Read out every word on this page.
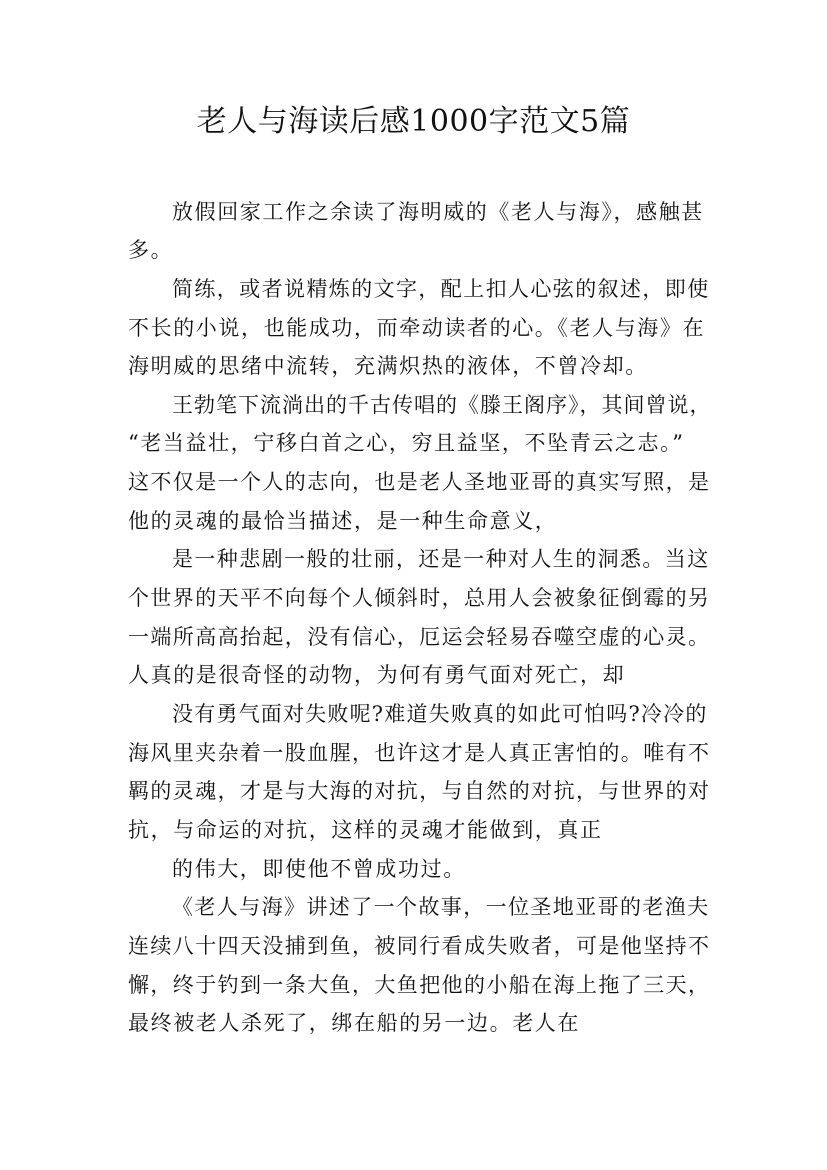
老人与海读后感1000字范文5篇
放假回家工作之余读了海明威的《老人与海》，感触甚
多。
简练，或者说精炼的文字，配上扣人心弦的叙述，即使
不长的小说，也能成功，而牵动读者的心。《老人与海》在
海明威的思绪中流转，充满炽热的液体，不曾冷却。
王勃笔下流淌出的千古传唱的《滕王阁序》，其间曾说，
“老当益壮，宁移白首之心，穷且益坚，不坠青云之志。”
这不仅是一个人的志向，也是老人圣地亚哥的真实写照，是
他的灵魂的最恰当描述，是一种生命意义，
是一种悲剧一般的壮丽，还是一种对人生的洞悉。当这
个世界的天平不向每个人倾斜时，总用人会被象征倒霉的另
一端所高高抬起，没有信心，厄运会轻易吞噬空虚的心灵。
人真的是很奇怪的动物，为何有勇气面对死亡，却
没有勇气面对失败呢?难道失败真的如此可怕吗?冷冷的
海风里夹杂着一股血腥，也许这才是人真正害怕的。唯有不
羁的灵魂，才是与大海的对抗，与自然的对抗，与世界的对
抗，与命运的对抗，这样的灵魂才能做到，真正
的伟大，即使他不曾成功过。
《老人与海》讲述了一个故事，一位圣地亚哥的老渔夫
连续八十四天没捕到鱼，被同行看成失败者，可是他坚持不
懈，终于钓到一条大鱼，大鱼把他的小船在海上拖了三天，
最终被老人杀死了，绑在船的另一边。老人在
